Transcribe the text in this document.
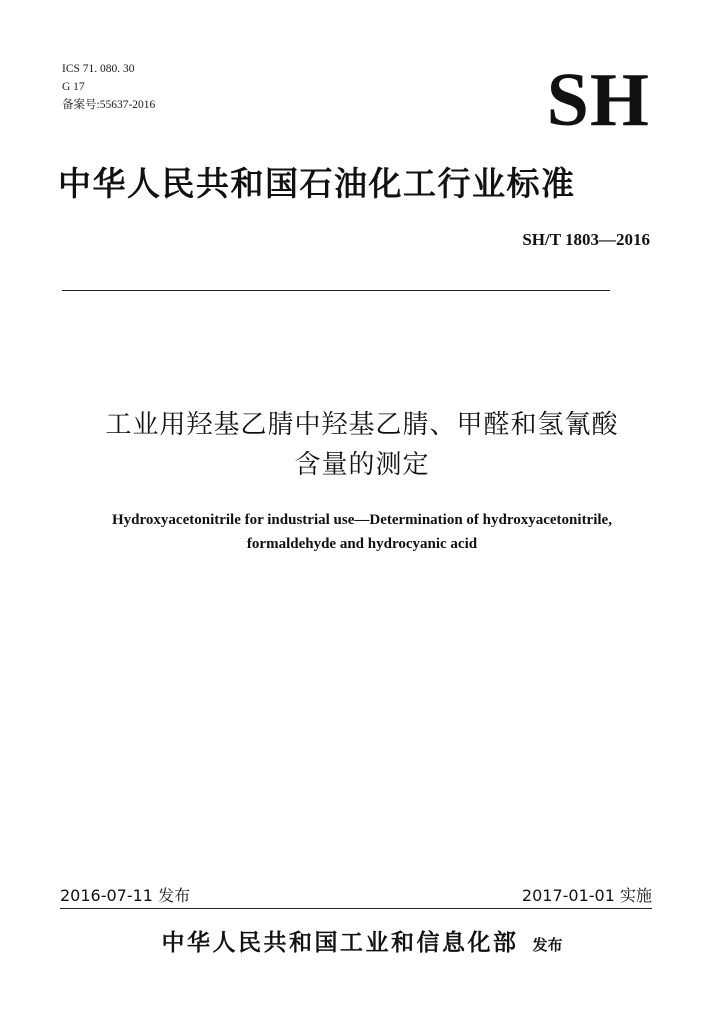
ICS 71. 080. 30
G 17
备案号:55637-2016	SH
中华人民共和国石油化工行业标准
SH/T 1803—2016
工业用羟基乙腈中羟基乙腈、甲醛和氢氰酸
含量的测定
Hydroxyacetonitrile for industrial use—Determination of hydroxyacetonitrile,
formaldehyde and hydrocyanic acid
2016-07-11 发布	2017-01-01 实施
中华人民共和国工业和信息化部 发布
